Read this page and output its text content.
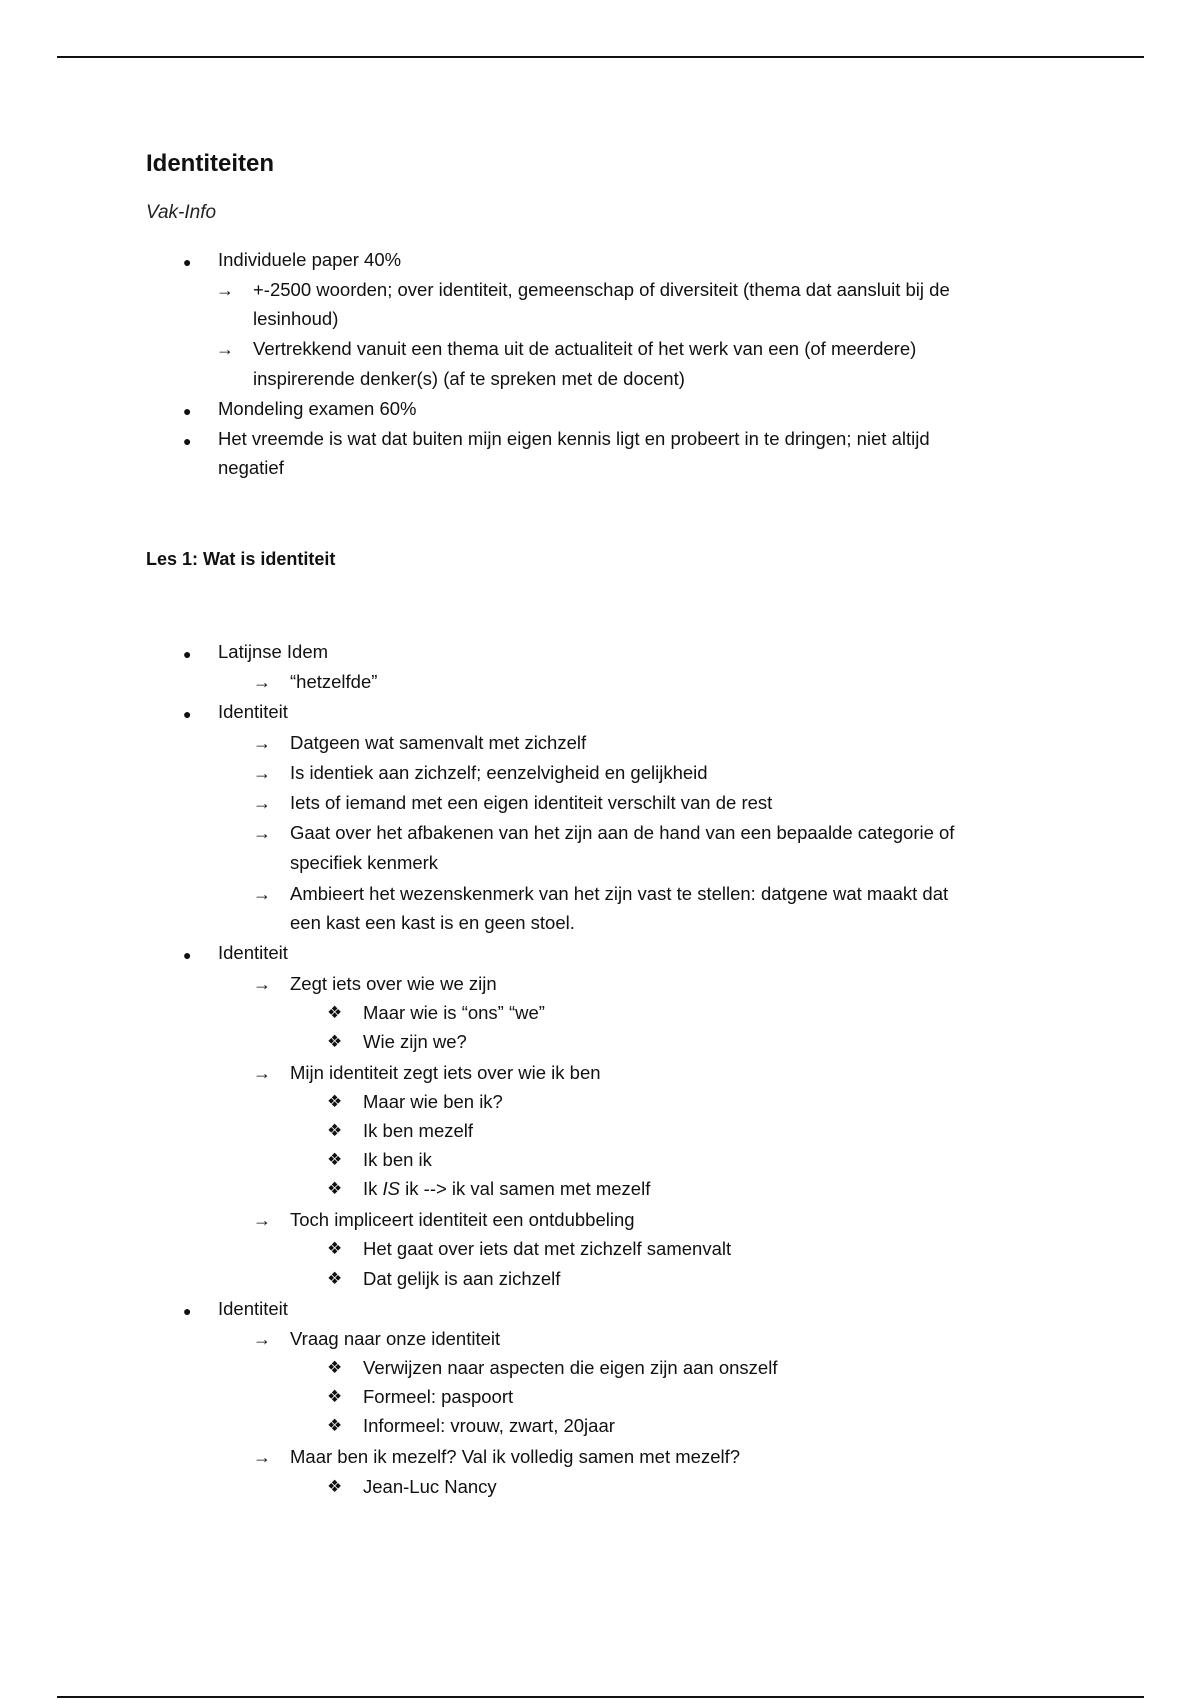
Identiteiten
Vak-Info
● Individuele paper 40%
→ +-2500 woorden; over identiteit, gemeenschap of diversiteit (thema dat aansluit bij de
lesinhoud)
→ Vertrekkend vanuit een thema uit de actualiteit of het werk van een (of meerdere)
inspirerende denker(s) (af te spreken met de docent)
● Mondeling examen 60%
● Het vreemde is wat dat buiten mijn eigen kennis ligt en probeert in te dringen; niet altijd
negatief
Les 1: Wat is identiteit
● Latijnse Idem
→ “hetzelfde”
● Identiteit
→ Datgeen wat samenvalt met zichzelf
→ Is identiek aan zichzelf; eenzelvigheid en gelijkheid
→ Iets of iemand met een eigen identiteit verschilt van de rest
→ Gaat over het afbakenen van het zijn aan de hand van een bepaalde categorie of
specifiek kenmerk
→ Ambieert het wezenskenmerk van het zijn vast te stellen: datgene wat maakt dat
een kast een kast is en geen stoel.
● Identiteit
→ Zegt iets over wie we zijn
❖ Maar wie is “ons” “we”
❖ Wie zijn we?
→ Mijn identiteit zegt iets over wie ik ben
❖ Maar wie ben ik?
❖ Ik ben mezelf
❖ Ik ben ik
❖ Ik IS ik --> ik val samen met mezelf
→ Toch impliceert identiteit een ontdubbeling
❖ Het gaat over iets dat met zichzelf samenvalt
❖ Dat gelijk is aan zichzelf
● Identiteit
→ Vraag naar onze identiteit
❖ Verwijzen naar aspecten die eigen zijn aan onszelf
❖ Formeel: paspoort
❖ Informeel: vrouw, zwart, 20jaar
→ Maar ben ik mezelf? Val ik volledig samen met mezelf?
❖ Jean-Luc Nancy
